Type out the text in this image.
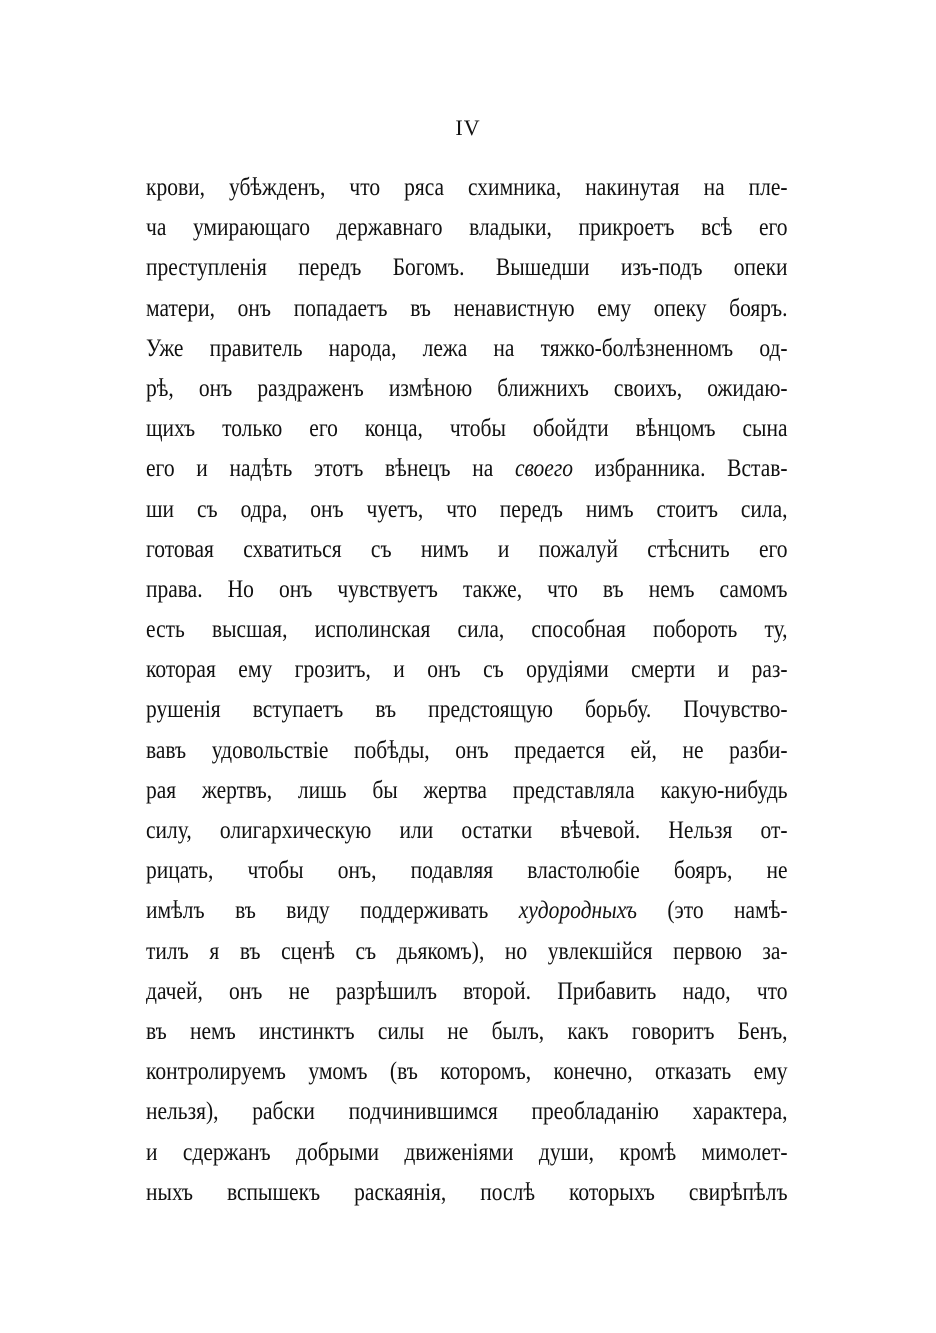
IV
крови, убѣжденъ, что ряса схимника, накинутая на пле-
ча умирающаго державнаго владыки, прикроетъ всѣ его
преступленія передъ Богомъ. Вышедши изъ-подъ опеки
матери, онъ попадаетъ въ ненавистную ему опеку бояръ.
Уже правитель народа, лежа на тяжко-болѣзненномъ од-
рѣ, онъ раздраженъ измѣною ближнихъ своихъ, ожидаю-
щихъ только его конца, чтобы обойдти вѣнцомъ сына
его и надѣть этотъ вѣнецъ на своего избранника. Встав-
ши съ одра, онъ чуетъ, что передъ нимъ стоитъ сила,
готовая схватиться съ нимъ и пожалуй стѣснить его
права. Но онъ чувствуетъ также, что въ немъ самомъ
есть высшая, исполинская сила, способная побороть ту,
которая ему грозитъ, и онъ съ орудіями смерти и раз-
рушенія вступаетъ въ предстоящую борьбу. Почувство-
вавъ удовольствіе побѣды, онъ предается ей, не разби-
рая жертвъ, лишь бы жертва представляла какую-нибудь
силу, олигархическую или остатки вѣчевой. Нельзя от-
рицать, чтобы онъ, подавляя властолюбіе бояръ, не
имѣлъ въ виду поддерживать худородныхъ (это намѣ-
тилъ я въ сценѣ съ дьякомъ), но увлекшійся первою за-
дачей, онъ не разрѣшилъ второй. Прибавить надо, что
въ немъ инстинктъ силы не былъ, какъ говоритъ Бенъ,
контролируемъ умомъ (въ которомъ, конечно, отказать ему
нельзя), рабски подчинившимся преобладанію характера,
и сдержанъ добрыми движеніями души, кромѣ мимолет-
ныхъ вспышекъ раскаянія, послѣ которыхъ свирѣпѣлъ
